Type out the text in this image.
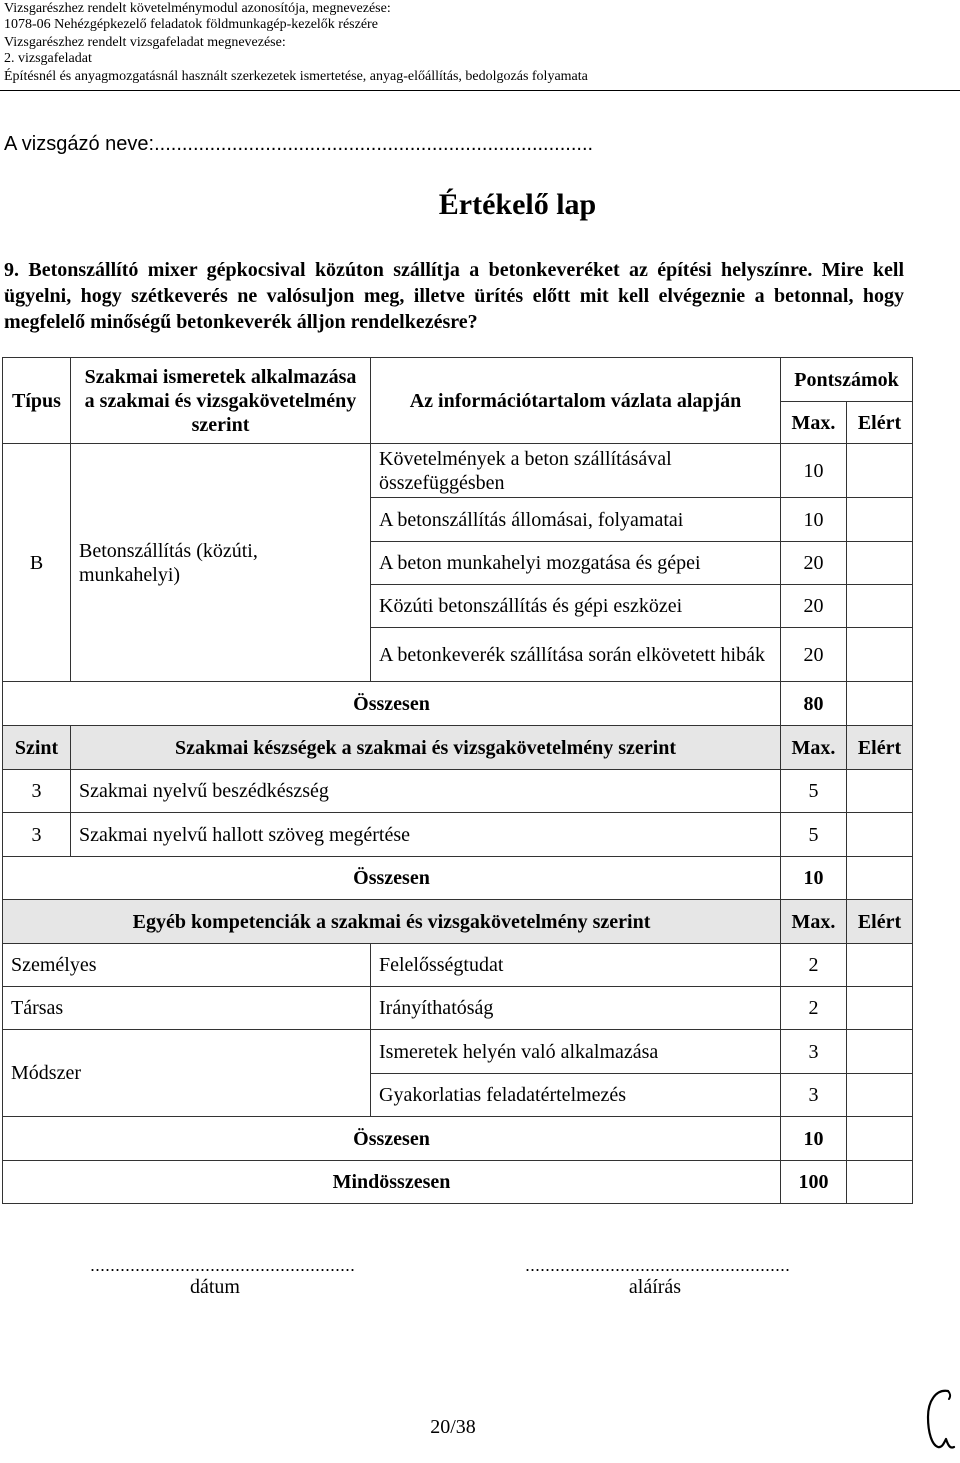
Vizsgarészhez rendelt követelménymodul azonosítója, megnevezése:
1078-06 Nehézgépkezelő feladatok földmunkagép-kezelők részére
Vizsgarészhez rendelt vizsgafeladat megnevezése:
2. vizsgafeladat
Építésnél és anyagmozgatásnál használt szerkezetek ismertetése, anyag-előállítás, bedolgozás folyamata
A vizsgázó neve:...............................................................................
Értékelő lap
9. Betonszállító mixer gépkocsival közúton szállítja a betonkeveréket az építési helyszínre. Mire kell ügyelni, hogy szétkeverés ne valósuljon meg, illetve ürítés előtt mit kell elvégeznie a betonnal, hogy megfelelő minőségű betonkeverék álljon rendelkezésre?
Típus	Szakmai ismeretek alkalmazása a szakmai és vizsgakövetelmény szerint	Az információtartalom vázlata alapján	Pontszámok	
			Max.	Elért
B	Betonszállítás (közúti, munkahelyi)	Követelmények a beton szállításával összefüggésben	10	
		A betonszállítás állomásai, folyamatai	10	
		A beton munkahelyi mozgatása és gépei	20	
		Közúti betonszállítás és gépi eszközei	20	
		A betonkeverék szállítása során elkövetett hibák	20	
Összesen			80	
Szint	Szakmai készségek a szakmai és vizsgakövetelmény szerint		Max.	Elért
3	Szakmai nyelvű beszédkészség		5	
3	Szakmai nyelvű hallott szöveg megértése		5	
Összesen			10	
Egyéb kompetenciák a szakmai és vizsgakövetelmény szerint			Max.	Elért
Személyes		Felelősségtudat	2	
Társas		Irányíthatóság	2	
Módszer		Ismeretek helyén való alkalmazása	3	
		Gyakorlatias feladatértelmezés	3	
Összesen			10	
Mindösszesen			100	
.....................................................
dátum
.....................................................
aláírás
20/38
